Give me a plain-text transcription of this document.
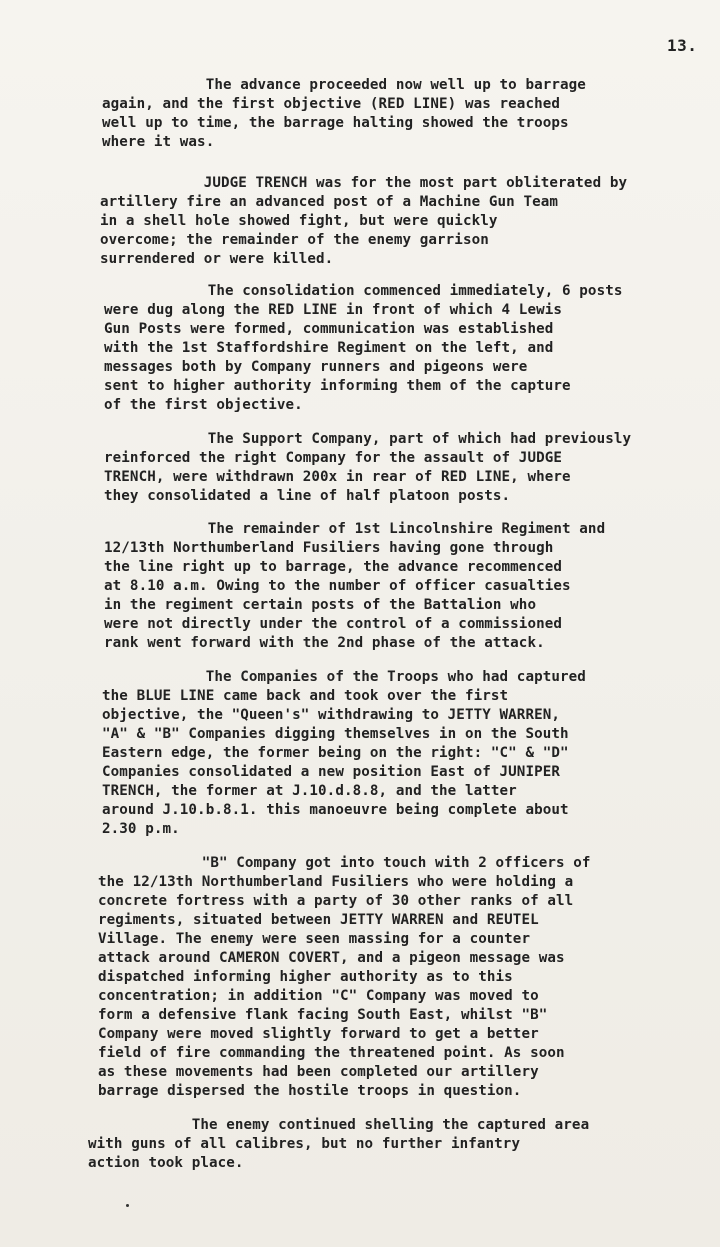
13.

The advance proceeded now well up to barrage
again, and the first objective (RED LINE) was reached
well up to time, the barrage halting showed the troops
where it was.

JUDGE TRENCH was for the most part obliterated by
artillery fire an advanced post of a Machine Gun Team
in a shell hole showed fight, but were quickly
overcome; the remainder of the enemy garrison
surrendered or were killed.

The consolidation commenced immediately, 6 posts
were dug along the RED LINE in front of which 4 Lewis
Gun Posts were formed, communication was established
with the 1st Staffordshire Regiment on the left, and
messages both by Company runners and pigeons were
sent to higher authority informing them of the capture
of the first objective.

The Support Company, part of which had previously
reinforced the right Company for the assault of JUDGE
TRENCH, were withdrawn 200x in rear of RED LINE, where
they consolidated a line of half platoon posts.

The remainder of 1st Lincolnshire Regiment and
12/13th Northumberland Fusiliers having gone through
the line right up to barrage, the advance recommenced
at 8.10 a.m. Owing to the number of officer casualties
in the regiment certain posts of the Battalion who
were not directly under the control of a commissioned
rank went forward with the 2nd phase of the attack.

The Companies of the Troops who had captured
the BLUE LINE came back and took over the first
objective, the "Queen's" withdrawing to JETTY WARREN,
"A" & "B" Companies digging themselves in on the South
Eastern edge, the former being on the right: "C" & "D"
Companies consolidated a new position East of JUNIPER
TRENCH, the former at J.10.d.8.8, and the latter
around J.10.b.8.1. this manoeuvre being complete about
2.30 p.m.

"B" Company got into touch with 2 officers of
the 12/13th Northumberland Fusiliers who were holding a
concrete fortress with a party of 30 other ranks of all
regiments, situated between JETTY WARREN and REUTEL
Village. The enemy were seen massing for a counter
attack around CAMERON COVERT, and a pigeon message was
dispatched informing higher authority as to this
concentration; in addition "C" Company was moved to
form a defensive flank facing South East, whilst "B"
Company were moved slightly forward to get a better
field of fire commanding the threatened point. As soon
as these movements had been completed our artillery
barrage dispersed the hostile troops in question.

The enemy continued shelling the captured area
with guns of all calibres, but no further infantry
action took place.
